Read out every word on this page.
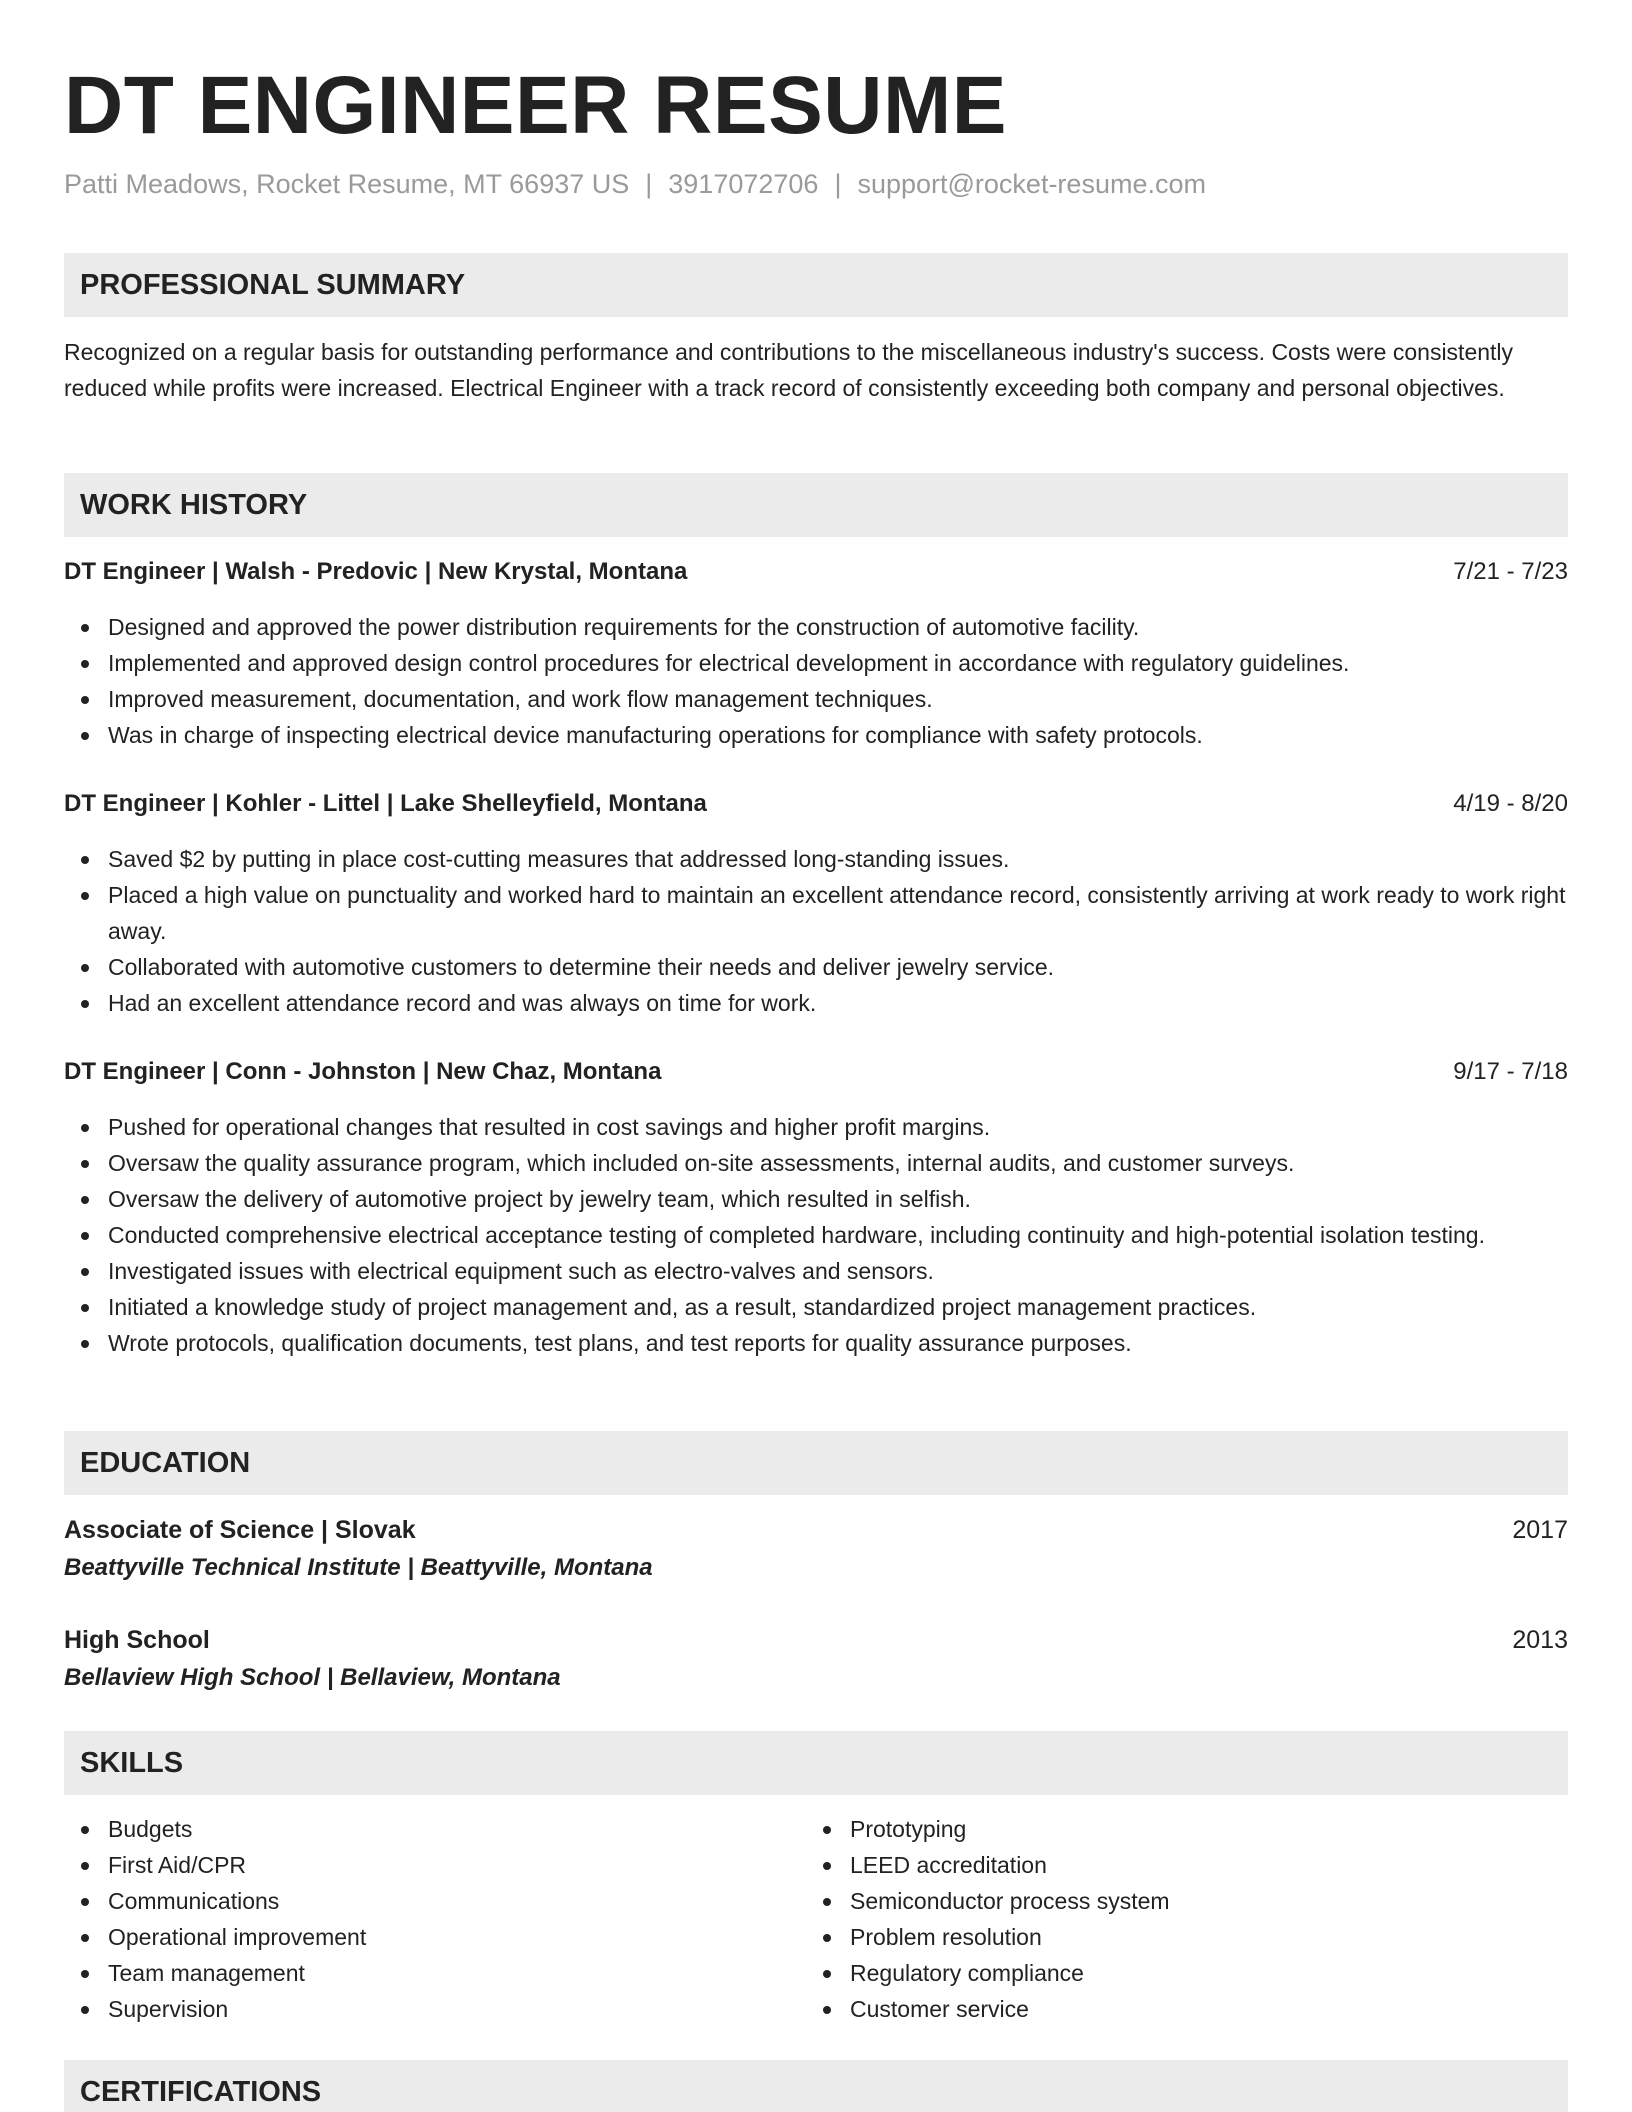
DT ENGINEER RESUME
Patti Meadows, Rocket Resume, MT 66937 US | 3917072706 | support@rocket-resume.com
PROFESSIONAL SUMMARY
Recognized on a regular basis for outstanding performance and contributions to the miscellaneous industry's success. Costs were consistently reduced while profits were increased. Electrical Engineer with a track record of consistently exceeding both company and personal objectives.
WORK HISTORY
DT Engineer | Walsh - Predovic | New Krystal, Montana	7/21 - 7/23
Designed and approved the power distribution requirements for the construction of automotive facility.
Implemented and approved design control procedures for electrical development in accordance with regulatory guidelines.
Improved measurement, documentation, and work flow management techniques.
Was in charge of inspecting electrical device manufacturing operations for compliance with safety protocols.
DT Engineer | Kohler - Littel | Lake Shelleyfield, Montana	4/19 - 8/20
Saved $2 by putting in place cost-cutting measures that addressed long-standing issues.
Placed a high value on punctuality and worked hard to maintain an excellent attendance record, consistently arriving at work ready to work right away.
Collaborated with automotive customers to determine their needs and deliver jewelry service.
Had an excellent attendance record and was always on time for work.
DT Engineer | Conn - Johnston | New Chaz, Montana	9/17 - 7/18
Pushed for operational changes that resulted in cost savings and higher profit margins.
Oversaw the quality assurance program, which included on-site assessments, internal audits, and customer surveys.
Oversaw the delivery of automotive project by jewelry team, which resulted in selfish.
Conducted comprehensive electrical acceptance testing of completed hardware, including continuity and high-potential isolation testing.
Investigated issues with electrical equipment such as electro-valves and sensors.
Initiated a knowledge study of project management and, as a result, standardized project management practices.
Wrote protocols, qualification documents, test plans, and test reports for quality assurance purposes.
EDUCATION
Associate of Science | Slovak	2017
Beattyville Technical Institute | Beattyville, Montana
High School	2013
Bellaview High School | Bellaview, Montana
SKILLS
Budgets
First Aid/CPR
Communications
Operational improvement
Team management
Supervision
Prototyping
LEED accreditation
Semiconductor process system
Problem resolution
Regulatory compliance
Customer service
CERTIFICATIONS
